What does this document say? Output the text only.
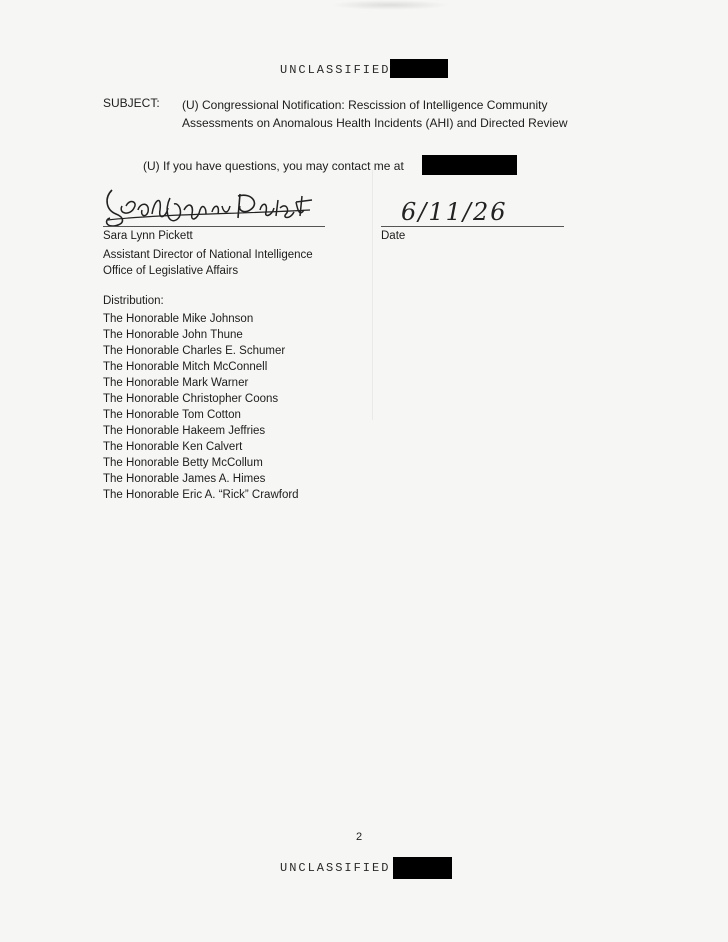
UNCLASSIFIED
SUBJECT: (U) Congressional Notification: Rescission of Intelligence Community
Assessments on Anomalous Health Incidents (AHI) and Directed Review
(U) If you have questions, you may contact me at
6/11/26
Sara Lynn Pickett	Date
Assistant Director of National Intelligence
Office of Legislative Affairs
Distribution:
The Honorable Mike Johnson
The Honorable John Thune
The Honorable Charles E. Schumer
The Honorable Mitch McConnell
The Honorable Mark Warner
The Honorable Christopher Coons
The Honorable Tom Cotton
The Honorable Hakeem Jeffries
The Honorable Ken Calvert
The Honorable Betty McCollum
The Honorable James A. Himes
The Honorable Eric A. “Rick” Crawford
2
UNCLASSIFIED
